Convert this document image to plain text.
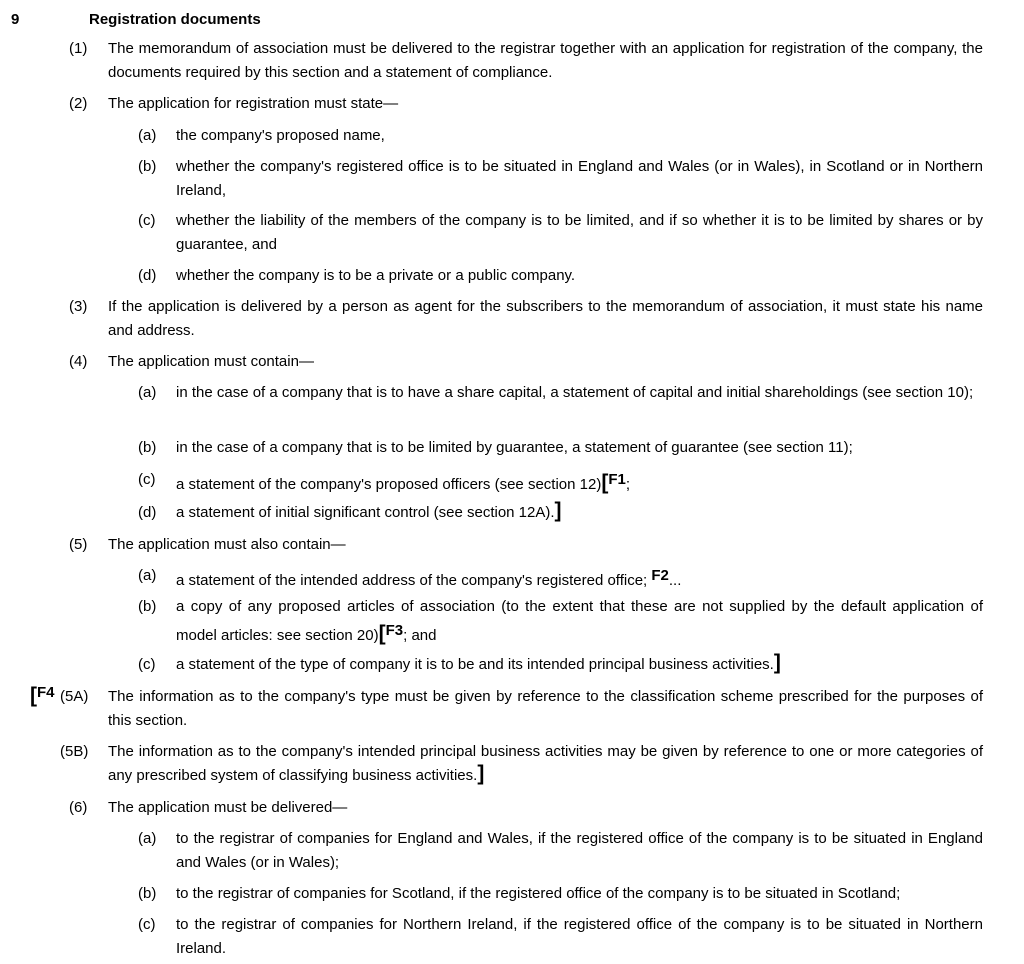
9	Registration documents
(1) The memorandum of association must be delivered to the registrar together with an application for registration of the company, the documents required by this section and a statement of compliance.
(2) The application for registration must state—
(a) the company's proposed name,
(b) whether the company's registered office is to be situated in England and Wales (or in Wales), in Scotland or in Northern Ireland,
(c) whether the liability of the members of the company is to be limited, and if so whether it is to be limited by shares or by guarantee, and
(d) whether the company is to be a private or a public company.
(3) If the application is delivered by a person as agent for the subscribers to the memorandum of association, it must state his name and address.
(4) The application must contain—
(a) in the case of a company that is to have a share capital, a statement of capital and initial shareholdings (see section 10);
(b) in the case of a company that is to be limited by guarantee, a statement of guarantee (see section 11);
(c) a statement of the company's proposed officers (see section 12)[F1;
(d) a statement of initial significant control (see section 12A).]
(5) The application must also contain—
(a) a statement of the intended address of the company's registered office; F2...
(b) a copy of any proposed articles of association (to the extent that these are not supplied by the default application of model articles: see section 20)[F3; and
(c) a statement of the type of company it is to be and its intended principal business activities.]
[F4 (5A) The information as to the company's type must be given by reference to the classification scheme prescribed for the purposes of this section.
(5B) The information as to the company's intended principal business activities may be given by reference to one or more categories of any prescribed system of classifying business activities.]
(6) The application must be delivered—
(a) to the registrar of companies for England and Wales, if the registered office of the company is to be situated in England and Wales (or in Wales);
(b) to the registrar of companies for Scotland, if the registered office of the company is to be situated in Scotland;
(c) to the registrar of companies for Northern Ireland, if the registered office of the company is to be situated in Northern Ireland.
